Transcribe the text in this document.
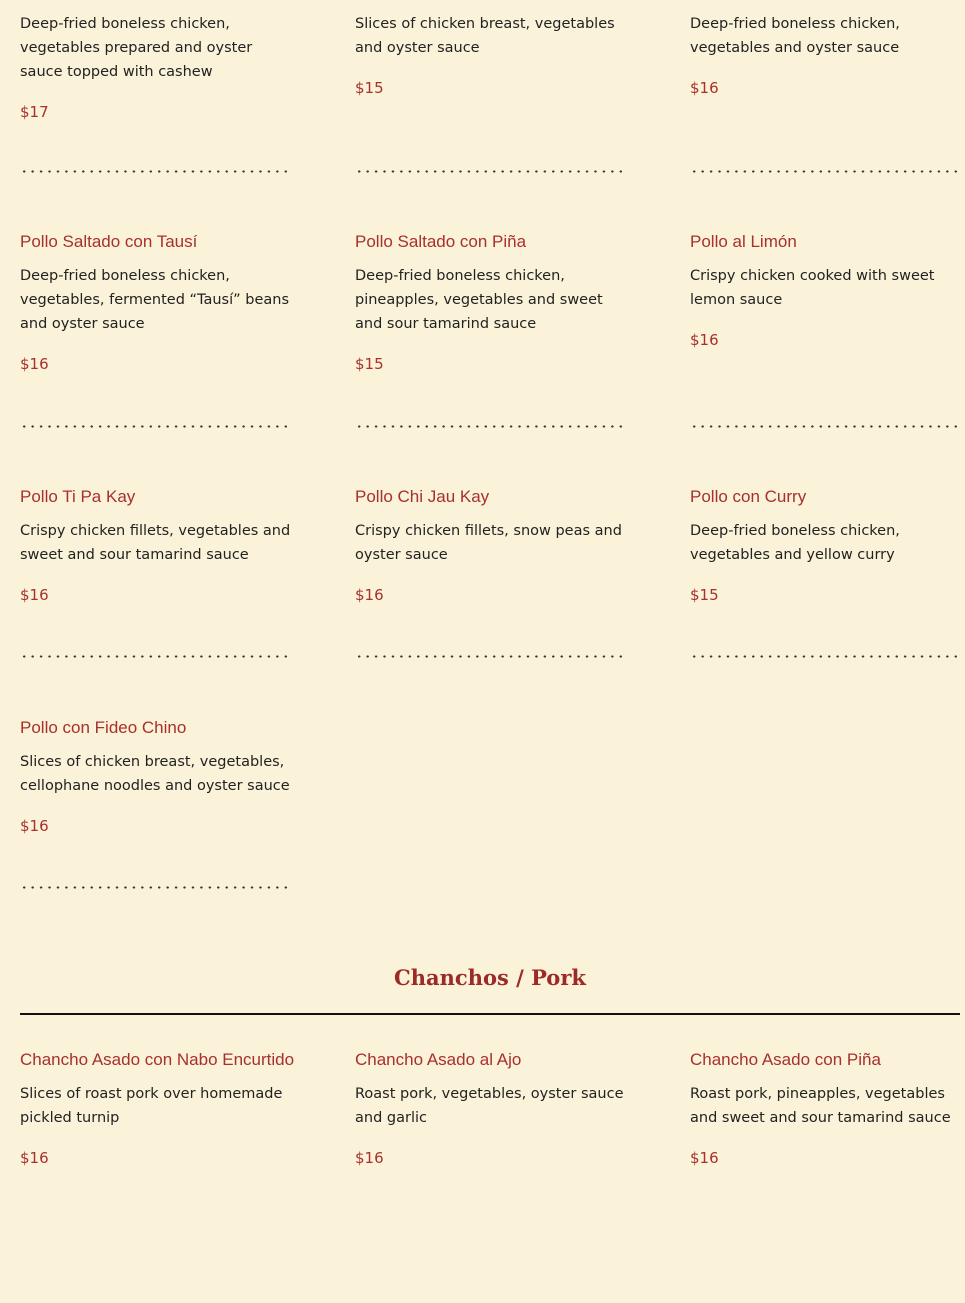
Deep-fried boneless chicken, vegetables prepared and oyster sauce topped with cashew
$17
Slices of chicken breast, vegetables and oyster sauce
$15
Deep-fried boneless chicken, vegetables and oyster sauce
$16
Pollo Saltado con Tausí
Deep-fried boneless chicken, vegetables, fermented “Tausí” beans and oyster sauce
$16
Pollo Saltado con Piña
Deep-fried boneless chicken, pineapples, vegetables and sweet and sour tamarind sauce
$15
Pollo al Limón
Crispy chicken cooked with sweet lemon sauce
$16
Pollo Ti Pa Kay
Crispy chicken fillets, vegetables and sweet and sour tamarind sauce
$16
Pollo Chi Jau Kay
Crispy chicken fillets, snow peas and oyster sauce
$16
Pollo con Curry
Deep-fried boneless chicken, vegetables and yellow curry
$15
Pollo con Fideo Chino
Slices of chicken breast, vegetables, cellophane noodles and oyster sauce
$16
Chanchos / Pork
Chancho Asado con Nabo Encurtido
Slices of roast pork over homemade pickled turnip
$16
Chancho Asado al Ajo
Roast pork, vegetables, oyster sauce and garlic
$16
Chancho Asado con Piña
Roast pork, pineapples, vegetables and sweet and sour tamarind sauce
$16
